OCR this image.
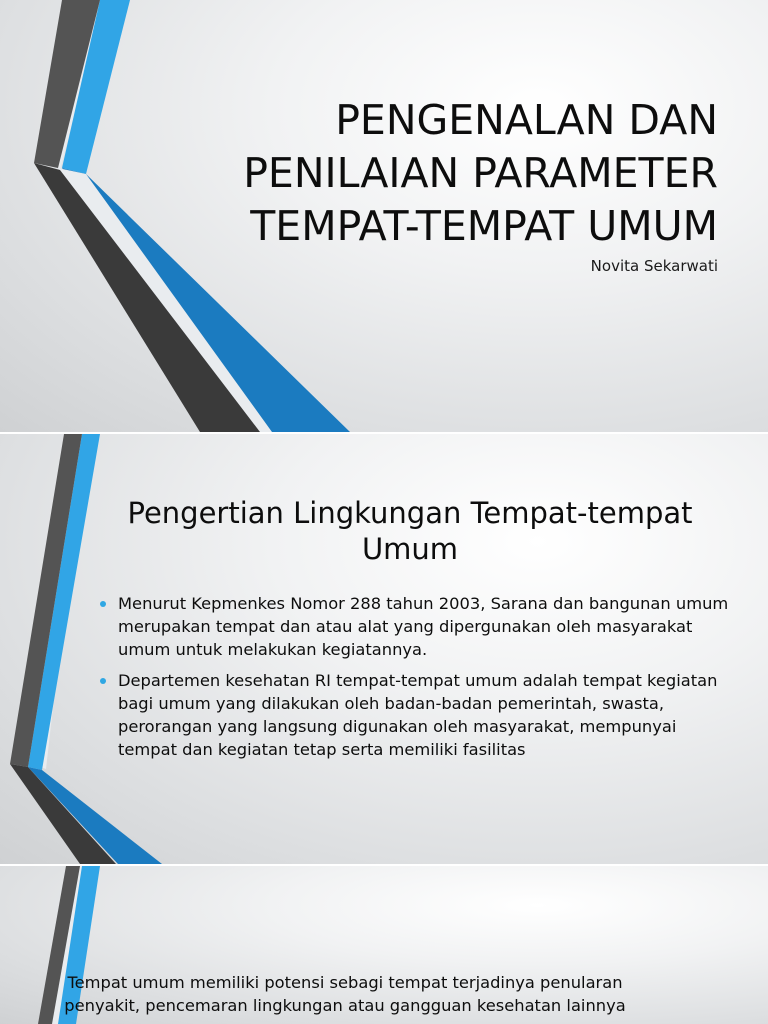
PENGENALAN DAN PENILAIAN PARAMETER TEMPAT-TEMPAT UMUM

Novita Sekarwati

Pengertian Lingkungan Tempat-tempat Umum
Menurut Kepmenkes Nomor 288 tahun 2003, Sarana dan bangunan umum merupakan tempat dan atau alat yang dipergunakan oleh masyarakat umum untuk melakukan kegiatannya.
Departemen kesehatan RI tempat-tempat umum adalah tempat kegiatan bagi umum yang dilakukan oleh badan-badan pemerintah, swasta, perorangan yang langsung digunakan oleh masyarakat, mempunyai tempat dan kegiatan tetap serta memiliki fasilitas

Tempat umum memiliki potensi sebagi tempat terjadinya penularan penyakit, pencemaran lingkungan atau gangguan kesehatan lainnya
